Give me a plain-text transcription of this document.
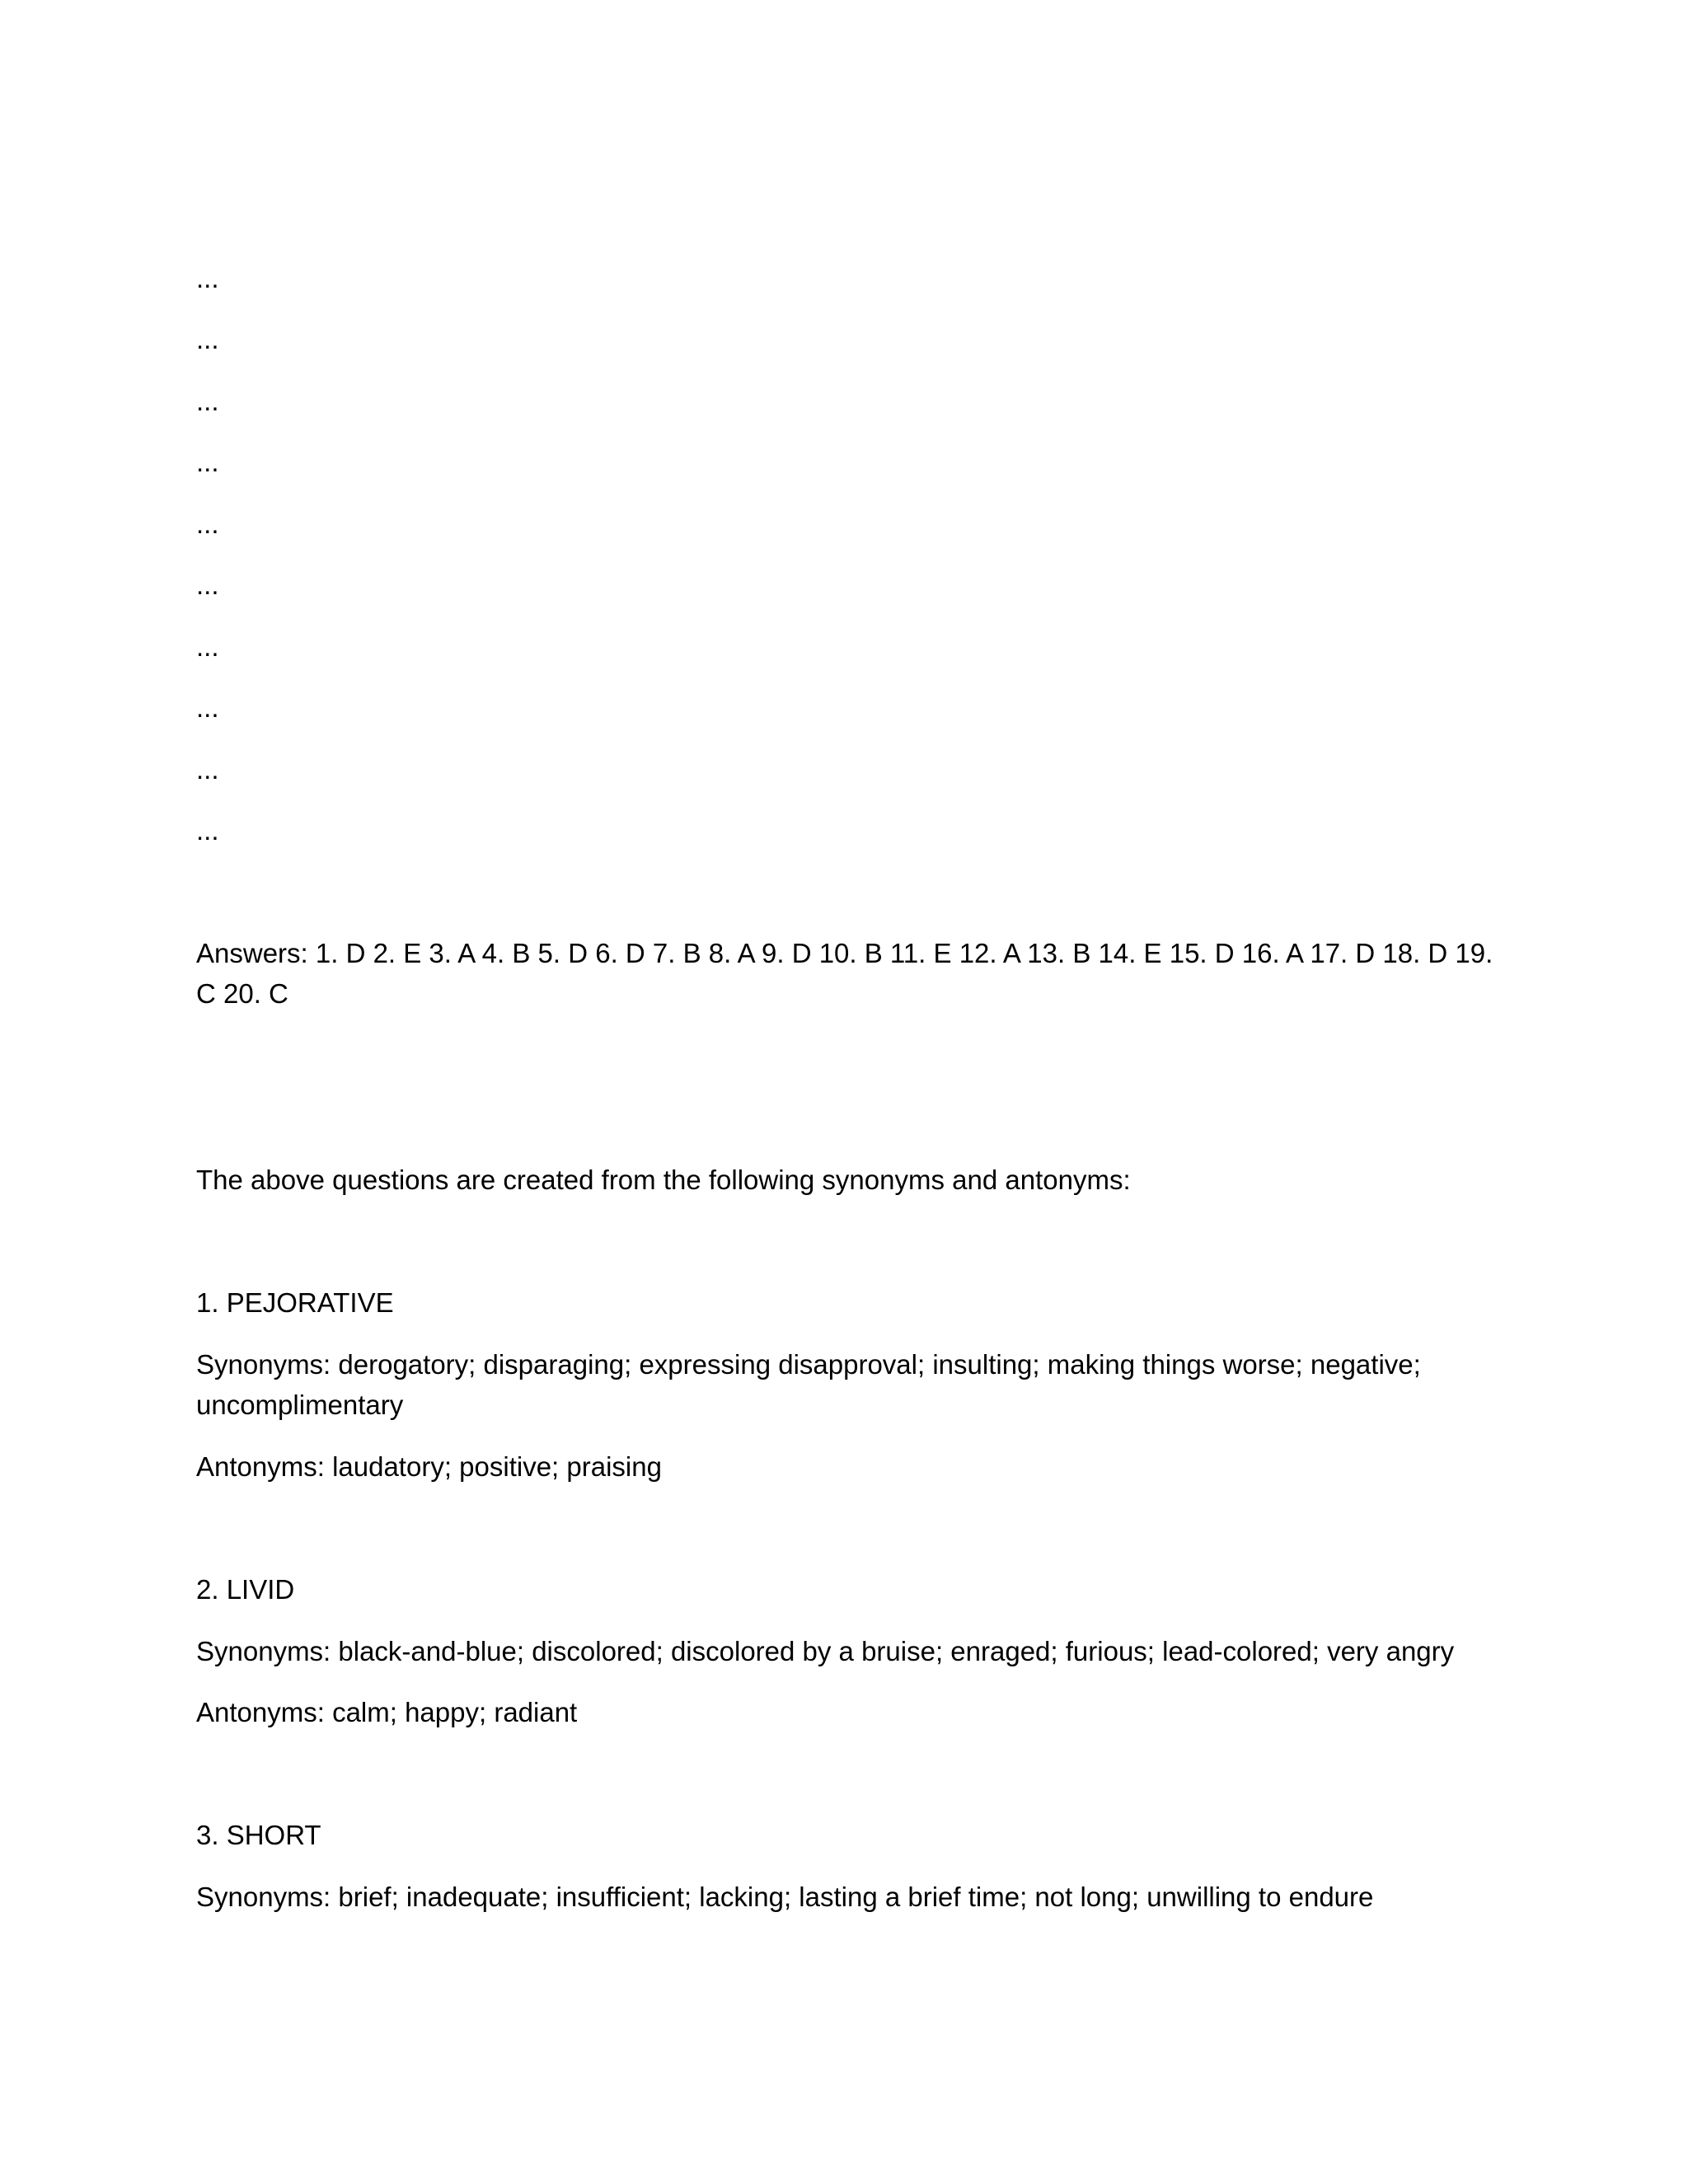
...
...
...
...
...
...
...
...
...
...
Answers: 1. D 2. E 3. A 4. B 5. D 6. D 7. B 8. A 9. D 10. B 11. E 12. A 13. B 14. E 15. D 16. A 17. D 18. D 19.
C 20. C
The above questions are created from the following synonyms and antonyms:
1. PEJORATIVE
Synonyms: derogatory; disparaging; expressing disapproval; insulting; making things worse; negative;
uncomplimentary
Antonyms: laudatory; positive; praising
2. LIVID
Synonyms: black-and-blue; discolored; discolored by a bruise; enraged; furious; lead-colored; very angry
Antonyms: calm; happy; radiant
3. SHORT
Synonyms: brief; inadequate; insufficient; lacking; lasting a brief time; not long; unwilling to endure
